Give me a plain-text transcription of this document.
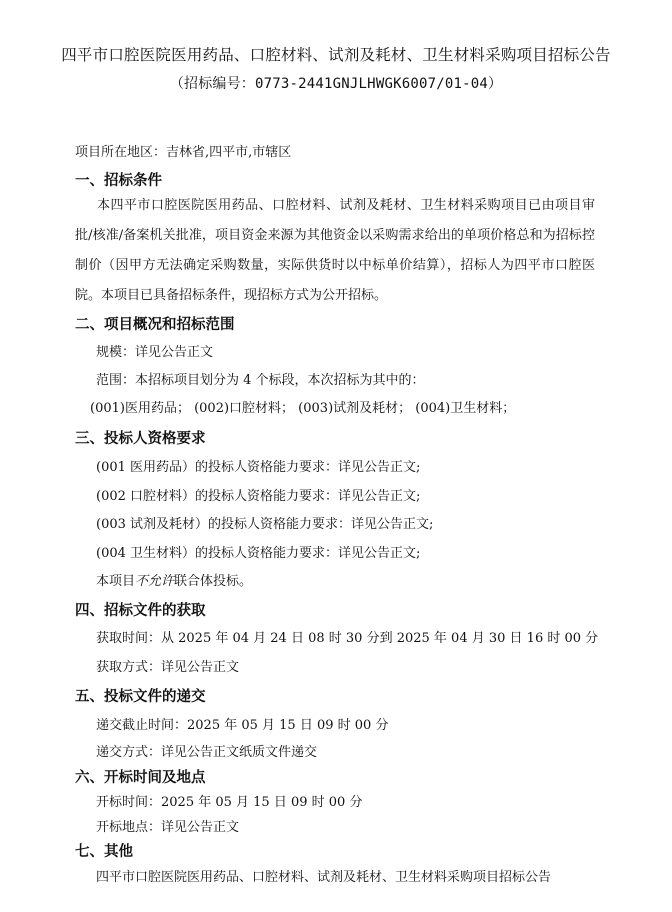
四平市口腔医院医用药品、口腔材料、试剂及耗材、卫生材料采购项目招标公告
（招标编号：0773-2441GNJLHWGK6007/01-04）
项目所在地区：吉林省,四平市,市辖区
一、招标条件
本四平市口腔医院医用药品、口腔材料、试剂及耗材、卫生材料采购项目已由项目审批/核准/备案机关批准，项目资金来源为其他资金以采购需求给出的单项价格总和为招标控制价（因甲方无法确定采购数量，实际供货时以中标单价结算），招标人为四平市口腔医院。本项目已具备招标条件，现招标方式为公开招标。
二、项目概况和招标范围
规模：详见公告正文
范围：本招标项目划分为 4 个标段，本次招标为其中的：
(001)医用药品； (002)口腔材料； (003)试剂及耗材； (004)卫生材料；
三、投标人资格要求
(001 医用药品）的投标人资格能力要求：详见公告正文;
(002 口腔材料）的投标人资格能力要求：详见公告正文;
(003 试剂及耗材）的投标人资格能力要求：详见公告正文;
(004 卫生材料）的投标人资格能力要求：详见公告正文;
本项目不允许联合体投标。
四、招标文件的获取
获取时间：从 2025 年 04 月 24 日 08 时 30 分到 2025 年 04 月 30 日 16 时 00 分
获取方式：详见公告正文
五、投标文件的递交
递交截止时间：2025 年 05 月 15 日 09 时 00 分
递交方式：详见公告正文纸质文件递交
六、开标时间及地点
开标时间：2025 年 05 月 15 日 09 时 00 分
开标地点：详见公告正文
七、其他
四平市口腔医院医用药品、口腔材料、试剂及耗材、卫生材料采购项目招标公告
